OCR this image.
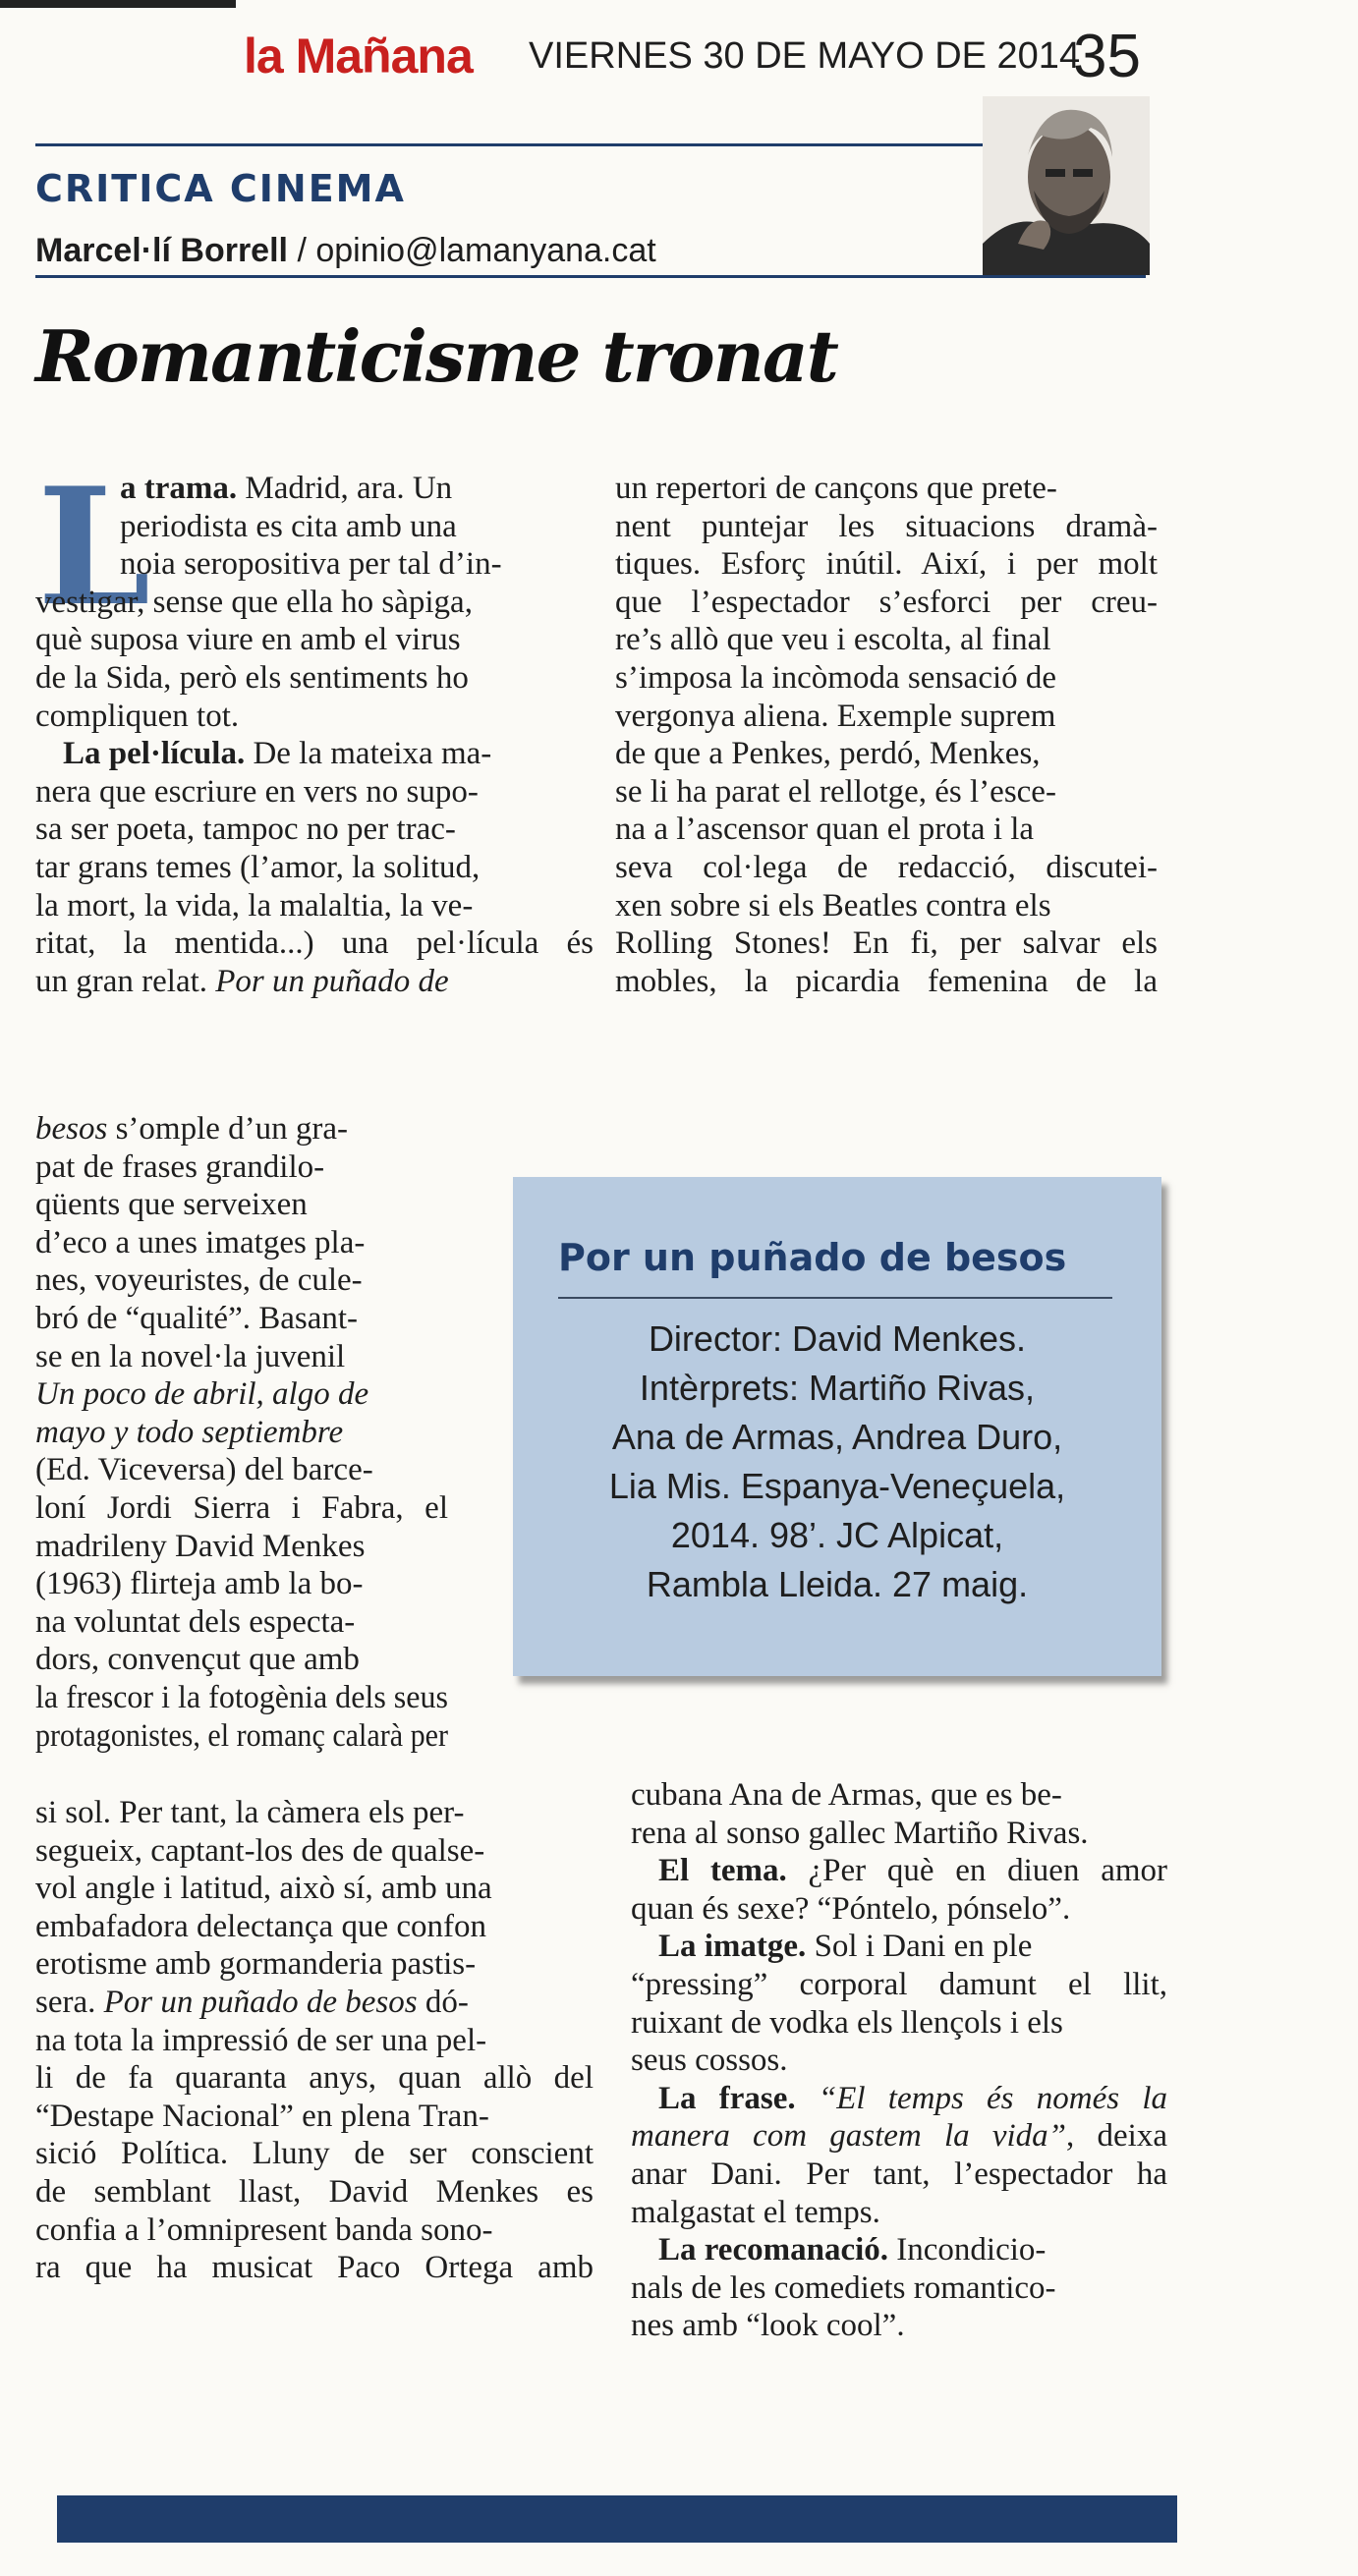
la Mañana VIERNES 30 DE MAYO DE 2014
35
CRITICA CINEMA
Marcel·lí Borrell / opinio@lamanyana.cat
Romanticisme tronat
L
a trama. Madrid, ara. Un
periodista es cita amb una
noia seropositiva per tal d’in-
vestigar, sense que ella ho sàpiga,
què suposa viure en amb el virus
de la Sida, però els sentiments ho
compliquen tot.
La pel·lícula. De la mateixa ma-
nera que escriure en vers no supo-
sa ser poeta, tampoc no per trac-
tar grans temes (l’amor, la solitud,
la mort, la vida, la malaltia, la ve-
ritat, la mentida...) una pel·lícula és
un gran relat. Por un puñado de
besos s’omple d’un gra-
pat de frases grandilo-
qüents que serveixen
d’eco a unes imatges pla-
nes, voyeuristes, de cule-
bró de “qualité”. Basant-
se en la novel·la juvenil
Un poco de abril, algo de
mayo y todo septiembre
(Ed. Viceversa) del barce-
loní Jordi Sierra i Fabra, el
madrileny David Menkes
(1963) flirteja amb la bo-
na voluntat dels especta-
dors, convençut que amb
la frescor i la fotogènia dels seus
protagonistes, el romanç calarà per
si sol. Per tant, la càmera els per-
segueix, captant-los des de qualse-
vol angle i latitud, això sí, amb una
embafadora delectança que confon
erotisme amb gormanderia pastis-
sera. Por un puñado de besos dó-
na tota la impressió de ser una pel-
li de fa quaranta anys, quan allò del
“Destape Nacional” en plena Tran-
sició Política. Lluny de ser conscient
de semblant llast, David Menkes es
confia a l’omnipresent banda sono-
ra que ha musicat Paco Ortega amb
un repertori de cançons que prete-
nent puntejar les situacions dramà-
tiques. Esforç inútil. Així, i per molt
que l’espectador s’esforci per creu-
re’s allò que veu i escolta, al final
s’imposa la incòmoda sensació de
vergonya aliena. Exemple suprem
de que a Penkes, perdó, Menkes,
se li ha parat el rellotge, és l’esce-
na a l’ascensor quan el prota i la
seva col·lega de redacció, discutei-
xen sobre si els Beatles contra els
Rolling Stones! En fi, per salvar els
mobles, la picardia femenina de la
cubana Ana de Armas, que es be-
rena al sonso gallec Martiño Rivas.
El tema. ¿Per què en diuen amor
quan és sexe? “Póntelo, pónselo”.
La imatge. Sol i Dani en ple
“pressing” corporal damunt el llit,
ruixant de vodka els llençols i els
seus cossos.
La frase. “El temps és només la
manera com gastem la vida”, deixa
anar Dani. Per tant, l’espectador ha
malgastat el temps.
La recomanació. Incondicio-
nals de les comediets romantico-
nes amb “look cool”.
Por un puñado de besos
Director: David Menkes.
Intèrprets: Martiño Rivas,
Ana de Armas, Andrea Duro,
Lia Mis. Espanya-Veneçuela,
2014. 98’. JC Alpicat,
Rambla Lleida. 27 maig.
